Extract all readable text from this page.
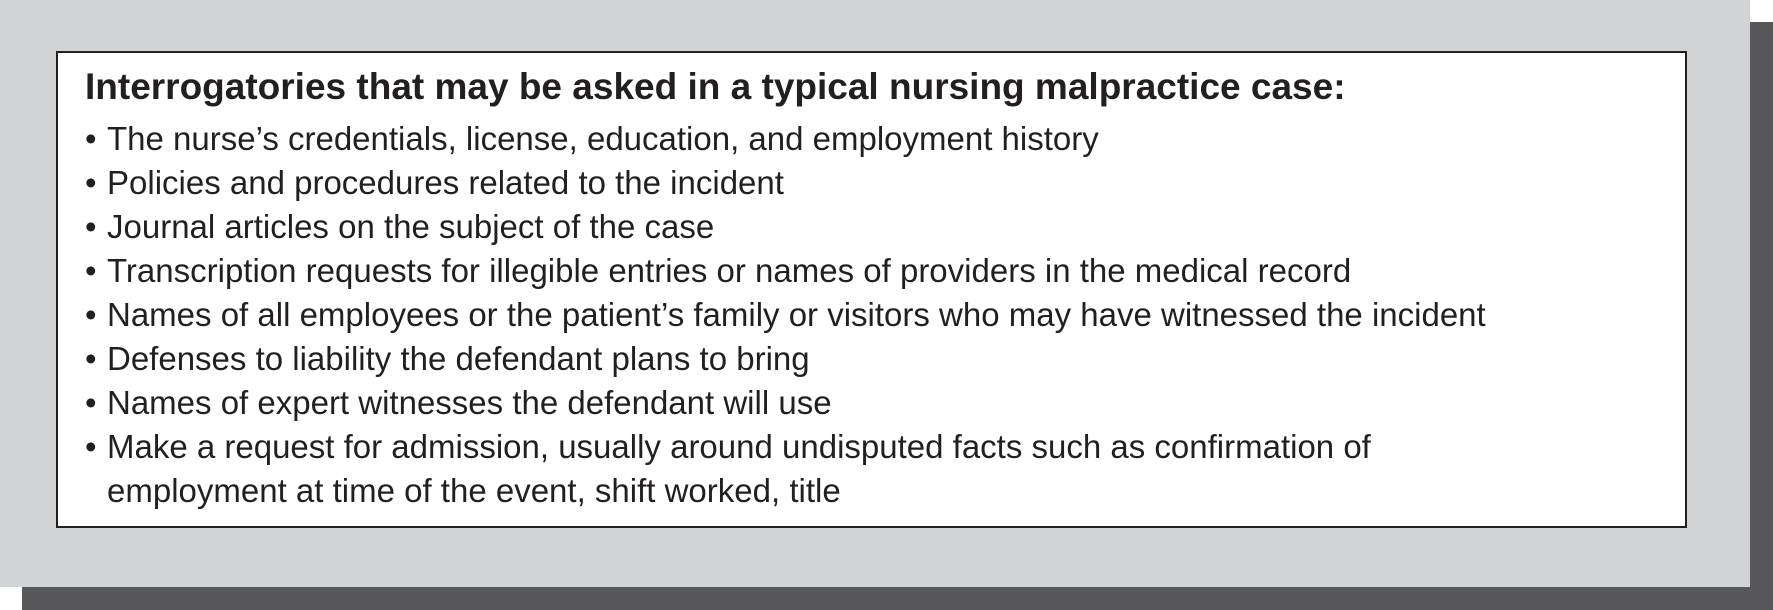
Interrogatories that may be asked in a typical nursing malpractice case:
• The nurse’s credentials, license, education, and employment history
• Policies and procedures related to the incident
• Journal articles on the subject of the case
• Transcription requests for illegible entries or names of providers in the medical record
• Names of all employees or the patient’s family or visitors who may have witnessed the incident
• Defenses to liability the defendant plans to bring
• Names of expert witnesses the defendant will use
• Make a request for admission, usually around undisputed facts such as confirmation of
employment at time of the event, shift worked, title
